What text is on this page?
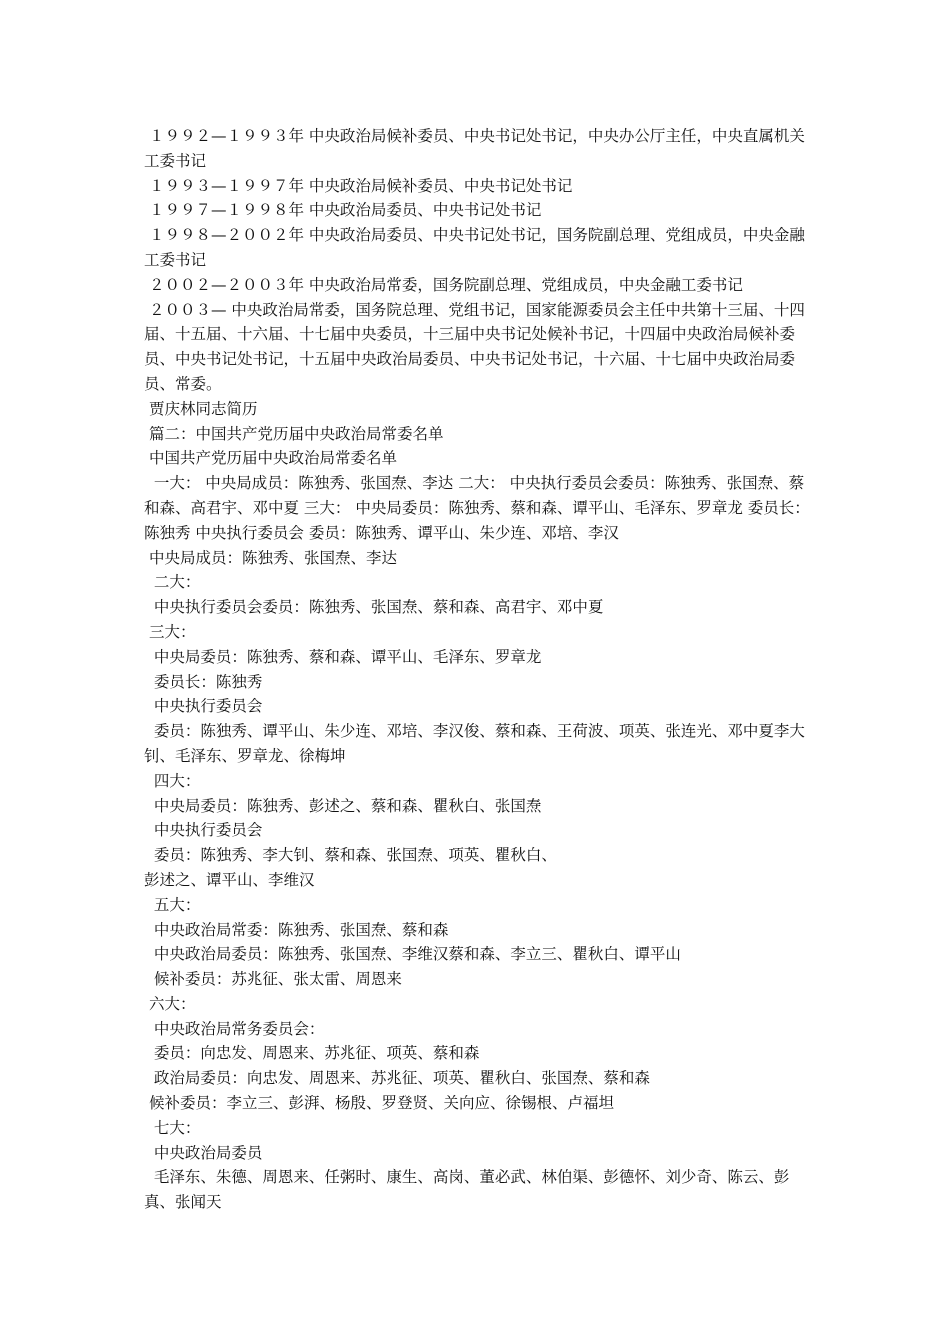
１９９２—１９９３年 中央政治局候补委员、中央书记处书记，中央办公厅主任，中央直属机关工委书记

１９９３—１９９７年 中央政治局候补委员、中央书记处书记

１９９７—１９９８年 中央政治局委员、中央书记处书记

１９９８—２００２年 中央政治局委员、中央书记处书记，国务院副总理、党组成员，中央金融工委书记

２００２—２００３年 中央政治局常委，国务院副总理、党组成员，中央金融工委书记

２００３— 中央政治局常委，国务院总理、党组书记，国家能源委员会主任中共第十三届、十四届、十五届、十六届、十七届中央委员，十三届中央书记处候补书记，十四届中央政治局候补委员、中央书记处书记，十五届中央政治局委员、中央书记处书记，十六届、十七届中央政治局委员、常委。

贾庆林同志简历

篇二：中国共产党历届中央政治局常委名单

中国共产党历届中央政治局常委名单

一大： 中央局成员：陈独秀、张国焘、李达 二大： 中央执行委员会委员：陈独秀、张国焘、蔡和森、高君宇、邓中夏 三大： 中央局委员：陈独秀、蔡和森、谭平山、毛泽东、罗章龙 委员长：陈独秀 中央执行委员会 委员：陈独秀、谭平山、朱少连、邓培、李汉

中央局成员：陈独秀、张国焘、李达

二大：

中央执行委员会委员：陈独秀、张国焘、蔡和森、高君宇、邓中夏

三大：

中央局委员：陈独秀、蔡和森、谭平山、毛泽东、罗章龙

委员长：陈独秀

中央执行委员会

委员：陈独秀、谭平山、朱少连、邓培、李汉俊、蔡和森、王荷波、项英、张连光、邓中夏李大钊、毛泽东、罗章龙、徐梅坤

四大：

中央局委员：陈独秀、彭述之、蔡和森、瞿秋白、张国焘

中央执行委员会

委员：陈独秀、李大钊、蔡和森、张国焘、项英、瞿秋白、

彭述之、谭平山、李维汉

五大：

中央政治局常委：陈独秀、张国焘、蔡和森

中央政治局委员：陈独秀、张国焘、李维汉蔡和森、李立三、瞿秋白、谭平山

候补委员：苏兆征、张太雷、周恩来

六大：

中央政治局常务委员会：

委员：向忠发、周恩来、苏兆征、项英、蔡和森

政治局委员：向忠发、周恩来、苏兆征、项英、瞿秋白、张国焘、蔡和森

候补委员：李立三、彭湃、杨殷、罗登贤、关向应、徐锡根、卢福坦

七大：

中央政治局委员

毛泽东、朱德、周恩来、任粥时、康生、高岗、董必武、林伯渠、彭德怀、刘少奇、陈云、彭真、张闻天
